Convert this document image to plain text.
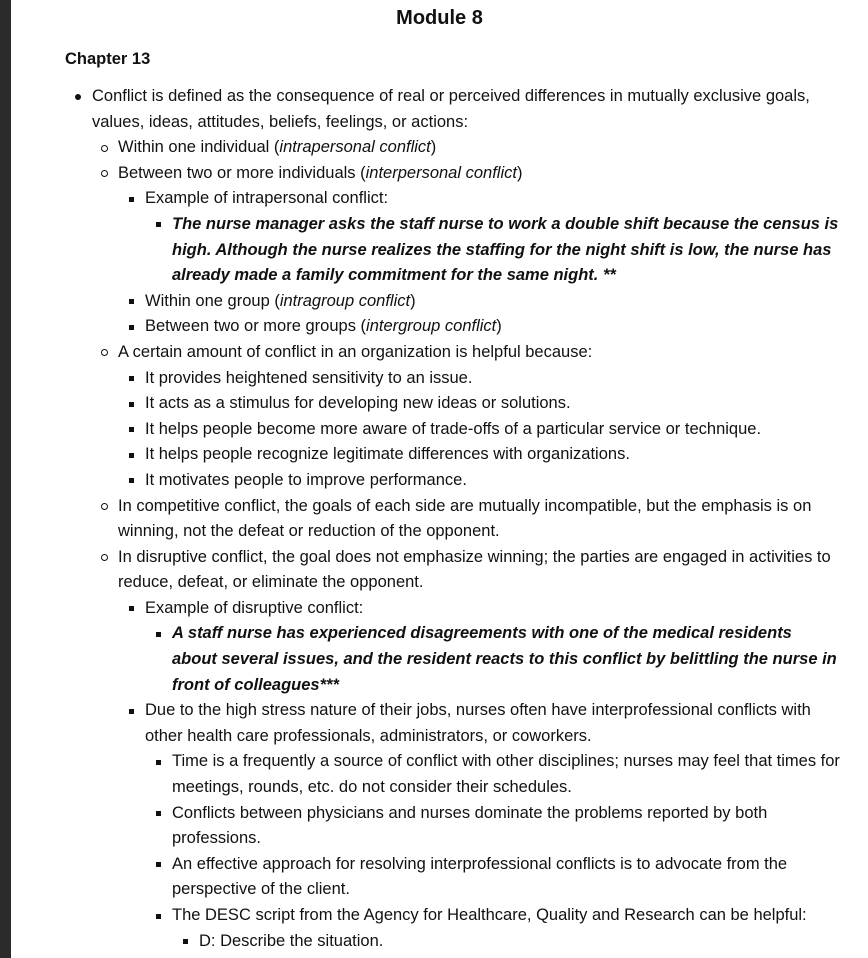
Module 8
Chapter 13
Conflict is defined as the consequence of real or perceived differences in mutually exclusive goals, values, ideas, attitudes, beliefs, feelings, or actions:
Within one individual (intrapersonal conflict)
Between two or more individuals (interpersonal conflict)
Example of intrapersonal conflict:
The nurse manager asks the staff nurse to work a double shift because the census is high. Although the nurse realizes the staffing for the night shift is low, the nurse has already made a family commitment for the same night. **
Within one group (intragroup conflict)
Between two or more groups (intergroup conflict)
A certain amount of conflict in an organization is helpful because:
It provides heightened sensitivity to an issue.
It acts as a stimulus for developing new ideas or solutions.
It helps people become more aware of trade-offs of a particular service or technique.
It helps people recognize legitimate differences with organizations.
It motivates people to improve performance.
In competitive conflict, the goals of each side are mutually incompatible, but the emphasis is on winning, not the defeat or reduction of the opponent.
In disruptive conflict, the goal does not emphasize winning; the parties are engaged in activities to reduce, defeat, or eliminate the opponent.
Example of disruptive conflict:
A staff nurse has experienced disagreements with one of the medical residents about several issues, and the resident reacts to this conflict by belittling the nurse in front of colleagues***
Due to the high stress nature of their jobs, nurses often have interprofessional conflicts with other health care professionals, administrators, or coworkers.
Time is a frequently a source of conflict with other disciplines; nurses may feel that times for meetings, rounds, etc. do not consider their schedules.
Conflicts between physicians and nurses dominate the problems reported by both professions.
An effective approach for resolving interprofessional conflicts is to advocate from the perspective of the client.
The DESC script from the Agency for Healthcare, Quality and Research can be helpful:
D: Describe the situation.
